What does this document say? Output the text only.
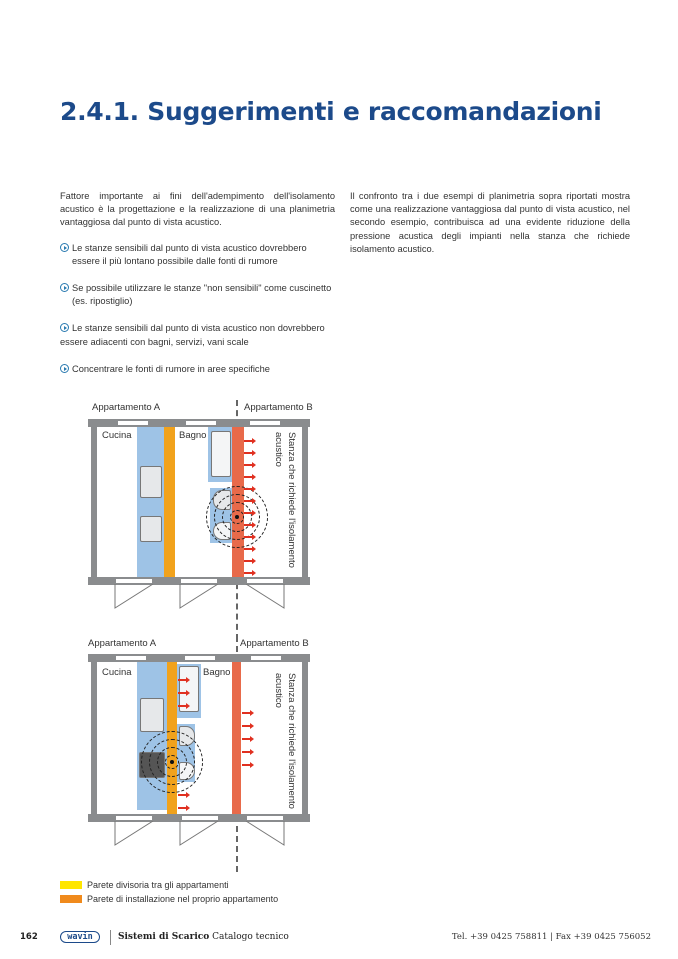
2.4.1. Suggerimenti e raccomandazioni

Fattore importante ai fini dell'adempimento dell'isolamento acustico è la progettazione e la realizzazione di una planimetria vantaggiosa dal punto di vista acustico.

Le stanze sensibili dal punto di vista acustico dovrebbero
essere il più lontano possibile dalle fonti di rumore
Se possibile utilizzare le stanze "non sensibili" come cuscinetto
(es. ripostiglio)
Le stanze sensibili dal punto di vista acustico non dovrebbero
essere adiacenti con bagni, servizi, vani scale
Concentrare le fonti di rumore in aree specifiche

Il confronto tra i due esempi di planimetria sopra riportati mostra come una realizzazione vantaggiosa dal punto di vista acustico, nel secondo esempio, contribuisca ad una evidente riduzione della pressione acustica degli impianti nella stanza che richiede isolamento acustico.

Appartamento A	Appartamento B
Cucina	Bagno	Stanza che richiede l'isolamento acustico
Appartamento A	Appartamento B
Cucina	Bagno
Stanza che richiede l'isolamento acustico
Parete divisoria tra gli appartamenti
Parete di installazione nel proprio appartamento
162	wavin	Sistemi di Scarico Catalogo tecnico	Tel. +39 0425 758811 | Fax +39 0425 756052
